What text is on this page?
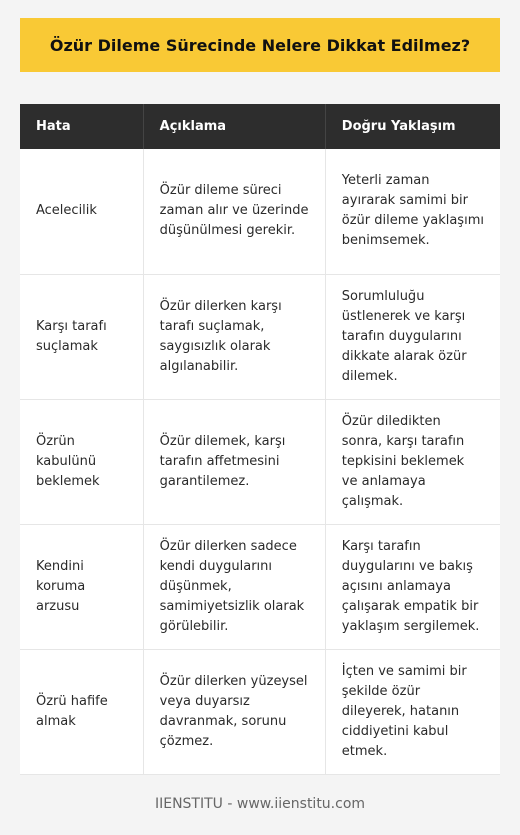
Özür Dileme Sürecinde Nelere Dikkat Edilmez?
Hata	Açıklama	Doğru Yaklaşım
Acelecilik	Özür dileme süreci zaman alır ve üzerinde düşünülmesi gerekir.	Yeterli zaman ayırarak samimi bir özür dileme yaklaşımı benimsemek.
Karşı tarafı suçlamak	Özür dilerken karşı tarafı suçlamak, saygısızlık olarak algılanabilir.	Sorumluluğu üstlenerek ve karşı tarafın duygularını dikkate alarak özür dilemek.
Özrün kabulünü beklemek	Özür dilemek, karşı tarafın affetmesini garantilemez.	Özür diledikten sonra, karşı tarafın tepkisini beklemek ve anlamaya çalışmak.
Kendini koruma arzusu	Özür dilerken sadece kendi duygularını düşünmek, samimiyetsizlik olarak görülebilir.	Karşı tarafın duygularını ve bakış açısını anlamaya çalışarak empatik bir yaklaşım sergilemek.
Özrü hafife almak	Özür dilerken yüzeysel veya duyarsız davranmak, sorunu çözmez.	İçten ve samimi bir şekilde özür dileyerek, hatanın ciddiyetini kabul etmek.
IIENSTITU - www.iienstitu.com
